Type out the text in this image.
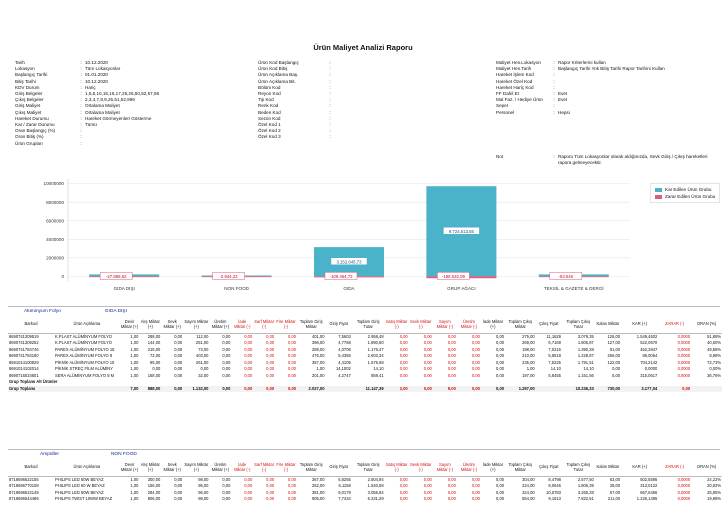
Ürün Maliyet Analizi Raporu
Tarih	: 10.12.2020
Lokasyon	: Tüm Lokasyonlar
Başlangıç Tarihi	: 01.01.2020
Bitiş Tarihi	: 10.12.2020
KDV Durum	: Hariç
Giriş Belgeler	: 1,5,6,10,15,16,17,25,26,50,52,57,58
Çıkış Belgeler	: 2,3,4,7,8,9,25,51,52,999
Giriş Maliyet	: Ortalama Maliyet
Çıkış Maliyet	: Ortalama Maliyet
Hareket Durumu	: Hareket Görmeyenleri Gösterme
Kar / Zarar Durumu	: Tümü
Oran Başlangıç (%)	:
Oran Bitiş (%)	:
Ürün Grupları	:
Ürün Kod Başlangıç	:
Ürün Kod Bitiş	:
Ürün Açıklama Baş.	:
Ürün Açıklama Bit.	:
Bölüm Kod	:
Reyon Kod	:
Tip Kod	:
Renk Kod	:
Beden Kod	:
Sezon Kod	:
Özel Kod 1	:
Özel Kod 2	:
Özel Kod 3	:
Maliyet Hes.Lokasyon	: Rapor Kriterlerini kullan
Maliyet Hes.Tarih	: Başlangıç Tarihi Yok Bitiş Tarihi Rapor Tarihini Kullan
Hareket İşlem Kod	:
Hareket Özel Kod	:
Hareket Hariç Kod	:
FF Dahil Et	: Evet
Mal Faz. / Hediye Ürün	: Evet
Sepet	:
Personel	: Hepsi
Not	: Raporu Tüm Lokasyonlar olarak aldığınızda, Sevk Giriş / Çıkış hareketleri rapora gelmeyecektir.
0
2000000
4000000
6000000
8000000
10000000
GIDA DIŞI
-27.868,62
NON FOOD
-2.944,22
GIDA
3.152.645,73
-109.464,72
GRUP AĞACI
9.724.513,55
-198.532,09
TEKSİL & GAZETE & DERGİ
-53.546
Kar Edilen Ürün Grubu
Zarar Edilen Ürün Grubu
Alüminyum Folyo	GIDA DIŞI
Barkod	Ürün Açıklama	Devir Miktar (+)	Alış Miktar (+)	Sevk Miktar (+)	Sayım Miktar (+)	Üretim Miktar (+)	İade Miktar (-)	Sarf Miktar (-)	Fire Miktar (-)	Toplam Giriş Miktar	Giriş Fiyat	Toplam Giriş Tutar	Satış Miktar (-)	Sevk Miktar (-)	Sayım Miktar (-)	Üretim Miktar (-)	İade Miktar (+)	Toplam Çıkış Miktar	Çıkış Fiyat	Toplam Çıkış Tutar	Kalan Miktar	KAR (+)	ZARAR (-)	ORAN (%)
8690741309519	K.PLAST ALÜMİNYUM FOLYO	1,00	288,00	0,00	112,00	0,00	0,00	0,00	0,00	401,00	7,5603	2.958,48	0,00	0,00	0,00	0,00	0,00	275,00	11,1629	3.079,35	126,00	1.549,4602	0,0000	51,88%
8690741309252	K.PLAST ALÜMİNYUM FOLYO	1,00	144,00	0,00	251,00	0,00	0,00	0,00	0,00	396,00	4,7768	1.890,60	0,00	0,00	0,00	0,00	0,00	269,00	6,7169	1.806,87	127,00	522,0670	0,0000	40,60%
8690741784746	PAREX ALÜMİNYUM FOLYO 15	1,00	215,00	0,00	73,00	0,00	0,00	0,00	0,00	289,00	4,0708	1.176,47	0,00	0,00	0,00	0,00	0,00	198,00	7,0216	1.390,28	91,00	462,2847	0,0000	49,58%
8690741784180	PAREX ALÜMİNYUM FOLYO 8	1,00	72,00	0,00	403,00	0,00	0,00	0,00	0,00	476,00	5,4355	2.603,34	0,00	0,00	0,00	0,00	0,00	210,00	5,8518	1.228,87	266,00	86,0064	0,0000	8,98%
8691014100829	PİKNİK ALÜMİNYUM FOLYO 10	1,00	95,00	0,00	261,00	0,00	0,00	0,00	0,00	357,00	4,4105	1.575,68	0,00	0,00	0,00	0,00	0,00	235,00	7,5225	1.791,51	122,00	704,2142	0,0000	72,73%
8691014102014	PİKNİK STREÇ FİLM ALÜMİNY	1,00	0,00	0,00	0,00	0,00	0,00	0,00	0,00	1,00	14,1002	14,10	0,00	0,00	0,00	0,00	0,00	1,00	14,10	14,10	0,00	0,0000	0,0000	0,00%
8690716024601	SERA ALÜMİNYUM FOLYO 8 M	1,00	168,00	0,00	32,00	0,00	0,00	0,00	0,00	201,00	4,2747	859,41	0,00	0,00	0,00	0,00	0,00	197,00	5,8455	1.151,56	5,00	315,0617	0,0000	36,76%
Grup Toplamı Alt Ürünler																								
Grup Toplamı		7,00	888,00	0,00	1.132,00	0,00	0,00	0,00	0,00	2.027,00		11.147,39	2,00	0,00	9,00	0,00	0,00	1.297,00		10.236,33	730,00	3.177,04	0,00	
Ampüller	NON FOOD
Barkod	Ürün Açıklama	Devir Miktar (+)	Alış Miktar (+)	Sevk Miktar (+)	Sayım Miktar (+)	Üretim Miktar (+)	İade Miktar (-)	Sarf Miktar (-)	Fire Miktar (-)	Toplam Giriş Miktar	Giriş Fiyat	Toplam Giriş Tutar	Satış Miktar (-)	Sevk Miktar (-)	Sayım Miktar (-)	Üretim Miktar (-)	İade Miktar (+)	Toplam Çıkış Miktar	Çıkış Fiyat	Toplam Çıkış Tutar	Kalan Miktar	KAR (+)	ZARAR (-)	ORAN (%)
8718696622155	PHILIPS LED 60W BEYAZ	1,00	300,00	0,00	98,00	0,00	0,00	0,00	0,00	367,00	6,8255	2.504,94	0,00	0,00	0,00	0,00	0,00	304,00	8,4798	2.577,50	63,00	502,5595	0,0000	24,22%
8718696770108	PHILIPS LED 60 W BEYAZ	1,00	156,00	0,00	95,00	0,00	0,00	0,00	0,00	252,00	6,1158	1.540,58	0,00	0,00	0,00	0,00	0,00	224,00	8,0646	1.806,39	28,00	312,0122	0,0000	20,92%
8718696622148	PHILIPS LED 60W BEYAZ	1,00	284,00	0,00	96,00	0,00	0,00	0,00	0,00	381,00	9,0179	3.055,84	0,00	0,00	0,00	0,00	0,00	324,00	10,5783	3.265,28	57,00	667,6456	0,0000	25,85%
8718696544489	PHILIPS TWIST 10WW BEYAZ	1,00	806,00	0,00	98,00	0,00	0,00	0,00	0,00	905,00	7,7434	6.231,29	0,00	0,00	0,00	0,00	0,00	854,00	9,1613	7.822,51	211,00	1.225,1495	0,0000	19,88%
